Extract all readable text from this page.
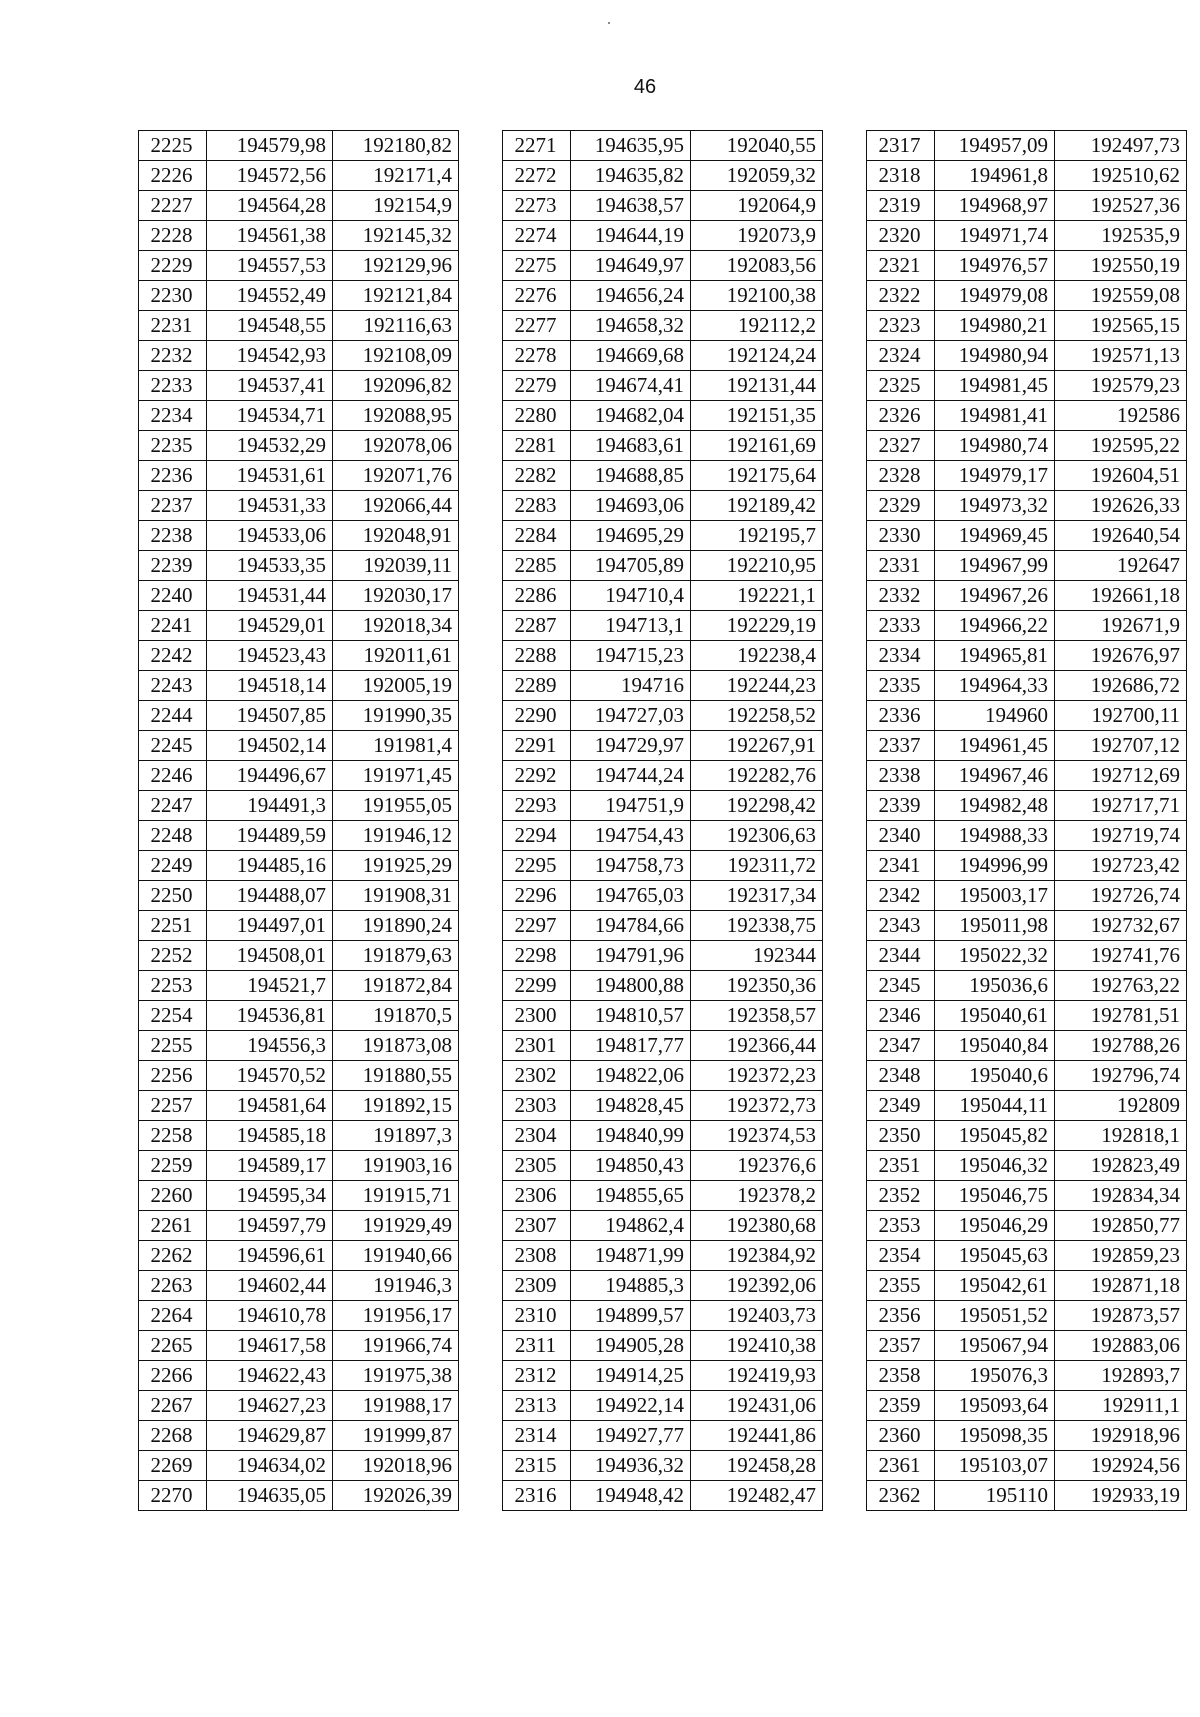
46
2225	194579,98	192180,82
2226	194572,56	192171,4
2227	194564,28	192154,9
2228	194561,38	192145,32
2229	194557,53	192129,96
2230	194552,49	192121,84
2231	194548,55	192116,63
2232	194542,93	192108,09
2233	194537,41	192096,82
2234	194534,71	192088,95
2235	194532,29	192078,06
2236	194531,61	192071,76
2237	194531,33	192066,44
2238	194533,06	192048,91
2239	194533,35	192039,11
2240	194531,44	192030,17
2241	194529,01	192018,34
2242	194523,43	192011,61
2243	194518,14	192005,19
2244	194507,85	191990,35
2245	194502,14	191981,4
2246	194496,67	191971,45
2247	194491,3	191955,05
2248	194489,59	191946,12
2249	194485,16	191925,29
2250	194488,07	191908,31
2251	194497,01	191890,24
2252	194508,01	191879,63
2253	194521,7	191872,84
2254	194536,81	191870,5
2255	194556,3	191873,08
2256	194570,52	191880,55
2257	194581,64	191892,15
2258	194585,18	191897,3
2259	194589,17	191903,16
2260	194595,34	191915,71
2261	194597,79	191929,49
2262	194596,61	191940,66
2263	194602,44	191946,3
2264	194610,78	191956,17
2265	194617,58	191966,74
2266	194622,43	191975,38
2267	194627,23	191988,17
2268	194629,87	191999,87
2269	194634,02	192018,96
2270	194635,05	192026,39
2271	194635,95	192040,55
2272	194635,82	192059,32
2273	194638,57	192064,9
2274	194644,19	192073,9
2275	194649,97	192083,56
2276	194656,24	192100,38
2277	194658,32	192112,2
2278	194669,68	192124,24
2279	194674,41	192131,44
2280	194682,04	192151,35
2281	194683,61	192161,69
2282	194688,85	192175,64
2283	194693,06	192189,42
2284	194695,29	192195,7
2285	194705,89	192210,95
2286	194710,4	192221,1
2287	194713,1	192229,19
2288	194715,23	192238,4
2289	194716	192244,23
2290	194727,03	192258,52
2291	194729,97	192267,91
2292	194744,24	192282,76
2293	194751,9	192298,42
2294	194754,43	192306,63
2295	194758,73	192311,72
2296	194765,03	192317,34
2297	194784,66	192338,75
2298	194791,96	192344
2299	194800,88	192350,36
2300	194810,57	192358,57
2301	194817,77	192366,44
2302	194822,06	192372,23
2303	194828,45	192372,73
2304	194840,99	192374,53
2305	194850,43	192376,6
2306	194855,65	192378,2
2307	194862,4	192380,68
2308	194871,99	192384,92
2309	194885,3	192392,06
2310	194899,57	192403,73
2311	194905,28	192410,38
2312	194914,25	192419,93
2313	194922,14	192431,06
2314	194927,77	192441,86
2315	194936,32	192458,28
2316	194948,42	192482,47
2317	194957,09	192497,73
2318	194961,8	192510,62
2319	194968,97	192527,36
2320	194971,74	192535,9
2321	194976,57	192550,19
2322	194979,08	192559,08
2323	194980,21	192565,15
2324	194980,94	192571,13
2325	194981,45	192579,23
2326	194981,41	192586
2327	194980,74	192595,22
2328	194979,17	192604,51
2329	194973,32	192626,33
2330	194969,45	192640,54
2331	194967,99	192647
2332	194967,26	192661,18
2333	194966,22	192671,9
2334	194965,81	192676,97
2335	194964,33	192686,72
2336	194960	192700,11
2337	194961,45	192707,12
2338	194967,46	192712,69
2339	194982,48	192717,71
2340	194988,33	192719,74
2341	194996,99	192723,42
2342	195003,17	192726,74
2343	195011,98	192732,67
2344	195022,32	192741,76
2345	195036,6	192763,22
2346	195040,61	192781,51
2347	195040,84	192788,26
2348	195040,6	192796,74
2349	195044,11	192809
2350	195045,82	192818,1
2351	195046,32	192823,49
2352	195046,75	192834,34
2353	195046,29	192850,77
2354	195045,63	192859,23
2355	195042,61	192871,18
2356	195051,52	192873,57
2357	195067,94	192883,06
2358	195076,3	192893,7
2359	195093,64	192911,1
2360	195098,35	192918,96
2361	195103,07	192924,56
2362	195110	192933,19
